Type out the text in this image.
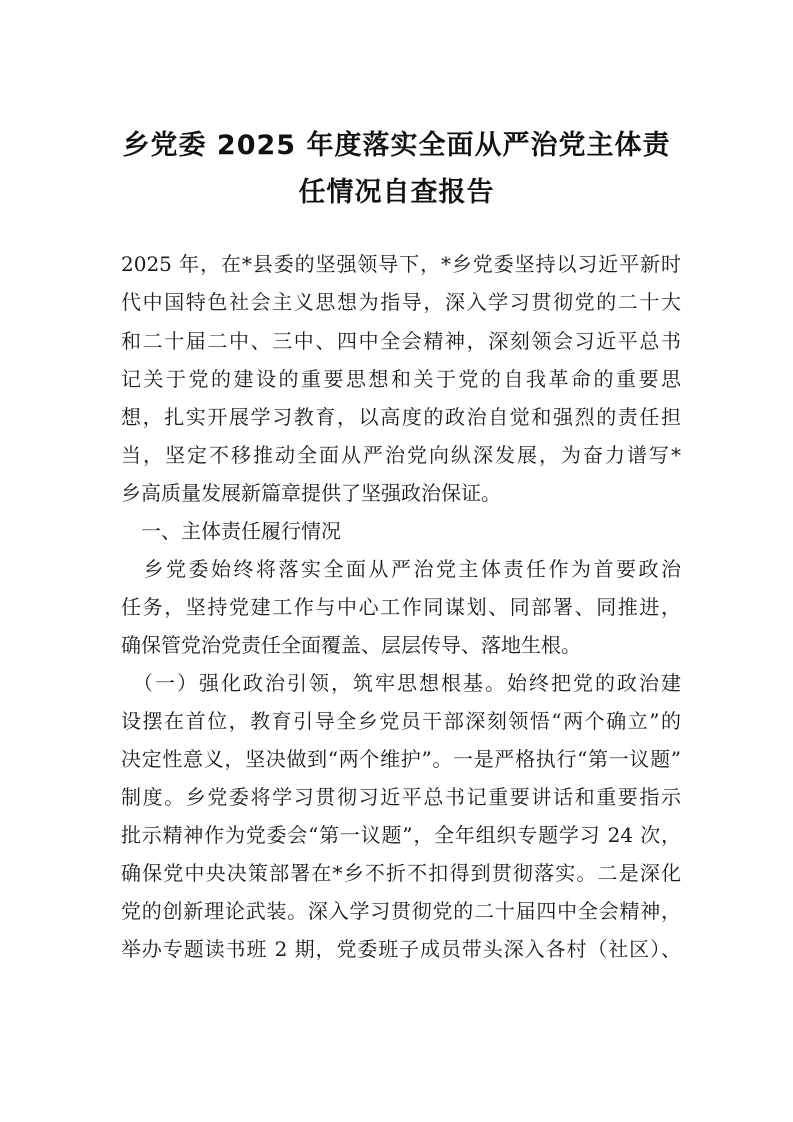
乡党委 2025 年度落实全面从严治党主体责
任情况自查报告
2025 年，在*县委的坚强领导下，*乡党委坚持以习近平新时
代中国特色社会主义思想为指导，深入学习贯彻党的二十大
和二十届二中、三中、四中全会精神，深刻领会习近平总书
记关于党的建设的重要思想和关于党的自我革命的重要思
想，扎实开展学习教育，以高度的政治自觉和强烈的责任担
当，坚定不移推动全面从严治党向纵深发展，为奋力谱写*
乡高质量发展新篇章提供了坚强政治保证。
　一、主体责任履行情况
　乡党委始终将落实全面从严治党主体责任作为首要政治
任务，坚持党建工作与中心工作同谋划、同部署、同推进，
确保管党治党责任全面覆盖、层层传导、落地生根。
　（一）强化政治引领，筑牢思想根基。始终把党的政治建
设摆在首位，教育引导全乡党员干部深刻领悟“两个确立”的
决定性意义，坚决做到“两个维护”。一是严格执行“第一议题”
制度。乡党委将学习贯彻习近平总书记重要讲话和重要指示
批示精神作为党委会“第一议题”，全年组织专题学习 24 次，
确保党中央决策部署在*乡不折不扣得到贯彻落实。二是深化
党的创新理论武装。深入学习贯彻党的二十届四中全会精神，
举办专题读书班 2 期，党委班子成员带头深入各村（社区）、
